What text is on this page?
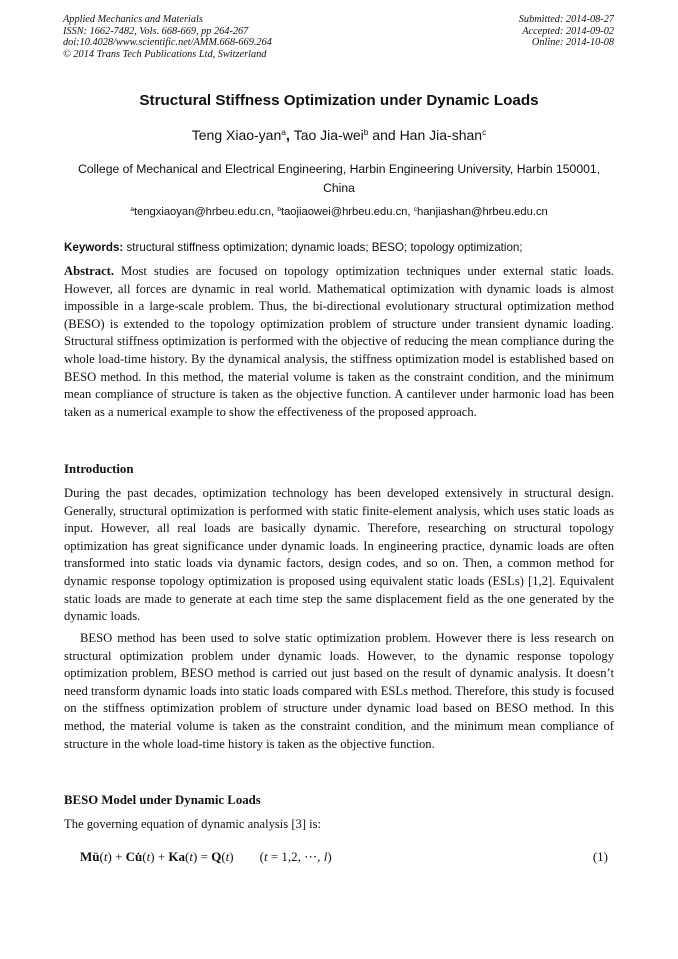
Applied Mechanics and Materials
ISSN: 1662-7482, Vols. 668-669, pp 264-267
doi:10.4028/www.scientific.net/AMM.668-669.264
© 2014 Trans Tech Publications Ltd, Switzerland
Submitted: 2014-08-27
Accepted: 2014-09-02
Online: 2014-10-08
Structural Stiffness Optimization under Dynamic Loads
Teng Xiao-yan$^a$, Tao Jia-wei$^b$ and Han Jia-shan$^c$
College of Mechanical and Electrical Engineering, Harbin Engineering University, Harbin 150001, China
$^a$tengxiaoyan@hrbeu.edu.cn, $^b$taojiaowei@hrbeu.edu.cn, $^c$hanjiashan@hrbeu.edu.cn
Keywords: structural stiffness optimization; dynamic loads; BESO; topology optimization;
Abstract. Most studies are focused on topology optimization techniques under external static loads. However, all forces are dynamic in real world. Mathematical optimization with dynamic loads is almost impossible in a large-scale problem. Thus, the bi-directional evolutionary structural optimization method (BESO) is extended to the topology optimization problem of structure under transient dynamic loading. Structural stiffness optimization is performed with the objective of reducing the mean compliance during the whole load-time history. By the dynamical analysis, the stiffness optimization model is established based on BESO method. In this method, the material volume is taken as the constraint condition, and the minimum mean compliance of structure is taken as the objective function. A cantilever under harmonic load has been taken as a numerical example to show the effectiveness of the proposed approach.
Introduction
During the past decades, optimization technology has been developed extensively in structural design. Generally, structural optimization is performed with static finite-element analysis, which uses static loads as input. However, all real loads are basically dynamic. Therefore, researching on structural topology optimization has great significance under dynamic loads. In engineering practice, dynamic loads are often transformed into static loads via dynamic factors, design codes, and so on. Then, a common method for dynamic response topology optimization is proposed using equivalent static loads (ESLs) [1,2]. Equivalent static loads are made to generate at each time step the same displacement field as the one generated by the dynamic loads.
BESO method has been used to solve static optimization problem. However there is less research on structural optimization problem under dynamic loads. However, to the dynamic response topology optimization problem, BESO method is carried out just based on the result of dynamic analysis. It doesn’t need transform dynamic loads into static loads compared with ESLs method. Therefore, this study is focused on the stiffness optimization problem of structure under dynamic load based on BESO method. In this method, the material volume is taken as the constraint condition, and the minimum mean compliance of structure in the whole load-time history is taken as the objective function.
BESO Model under Dynamic Loads
The governing equation of dynamic analysis [3] is:
Mü(t) + Cu̇(t) + Ka(t) = Q(t) (t = 1,2, ⋯, l)	(1)
